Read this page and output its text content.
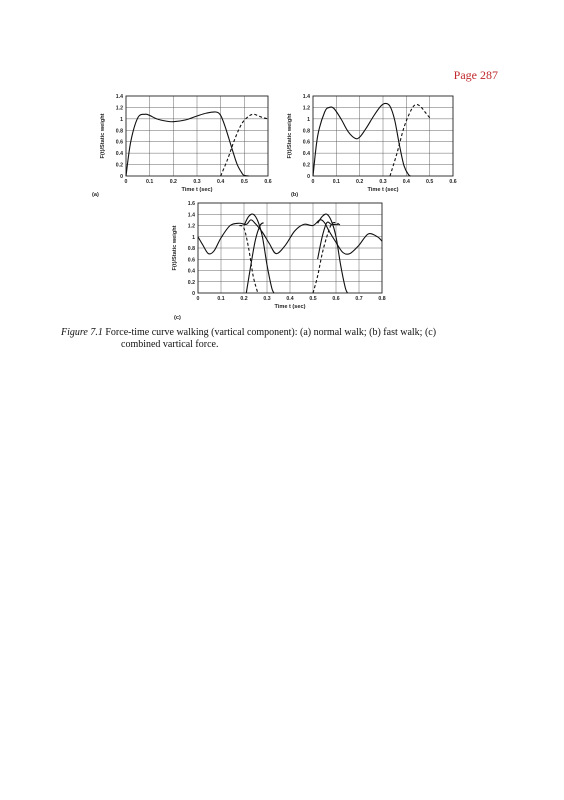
Page 287
0	0.1	0.2	0.3	0.4	0.5	0.6
0
0.2
0.4
0.6
0.8
1
1.2
1.4
Time t (sec)
F(t)/Static weight
(a)
0	0.1	0.2	0.3	0.4	0.5	0.6
0
0.2
0.4
0.6
0.8
1
1.2
1.4
Time t (sec)
F(t)/Static weight
(b)
0	0.1	0.2	0.3	0.4	0.5	0.6	0.7	0.8
0
0.2
0.4
0.6
0.8
1
1.2
1.4
1.6
Time t (sec)
F(t)/Static weight
(c)
Figure 7.1 Force-time curve walking (vartical component): (a) normal walk; (b) fast walk; (c)
combined vartical force.
